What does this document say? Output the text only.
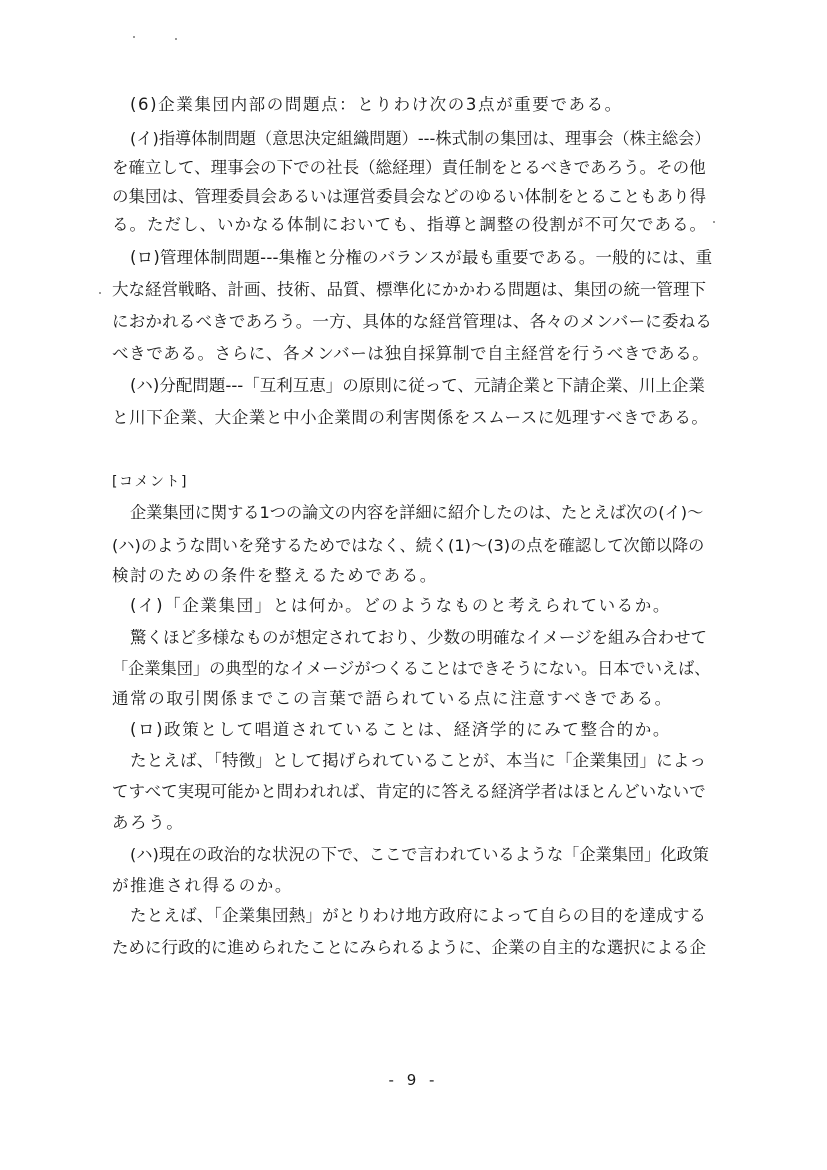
(6)企業集団内部の問題点：とりわけ次の3点が重要である。
(イ)指導体制問題（意思決定組織問題）---株式制の集団は、理事会（株主総会）
を確立して、理事会の下での社長（総経理）責任制をとるべきであろう。その他
の集団は、管理委員会あるいは運営委員会などのゆるい体制をとることもあり得
る。ただし、いかなる体制においても、指導と調整の役割が不可欠である。
(ロ)管理体制問題---集権と分権のバランスが最も重要である。一般的には、重
大な経営戦略、計画、技術、品質、標準化にかかわる問題は、集団の統一管理下
におかれるべきであろう。一方、具体的な経営管理は、各々のメンバーに委ねる
べきである。さらに、各メンバーは独自採算制で自主経営を行うべきである。
(ハ)分配問題---「互利互恵」の原則に従って、元請企業と下請企業、川上企業
と川下企業、大企業と中小企業間の利害関係をスムースに処理すべきである。
[コメント]
企業集団に関する1つの論文の内容を詳細に紹介したのは、たとえば次の(イ)～
(ハ)のような問いを発するためではなく、続く(1)～(3)の点を確認して次節以降の
検討のための条件を整えるためである。
(イ)「企業集団」とは何か。どのようなものと考えられているか。
驚くほど多様なものが想定されており、少数の明確なイメージを組み合わせて
「企業集団」の典型的なイメージがつくることはできそうにない。日本でいえば、
通常の取引関係までこの言葉で語られている点に注意すべきである。
(ロ)政策として唱道されていることは、経済学的にみて整合的か。
たとえば、「特徴」として掲げられていることが、本当に「企業集団」によっ
てすべて実現可能かと問われれば、肯定的に答える経済学者はほとんどいないで
あろう。
(ハ)現在の政治的な状況の下で、ここで言われているような「企業集団」化政策
が推進され得るのか。
たとえば、「企業集団熱」がとりわけ地方政府によって自らの目的を達成する
ために行政的に進められたことにみられるように、企業の自主的な選択による企
- 9 -
